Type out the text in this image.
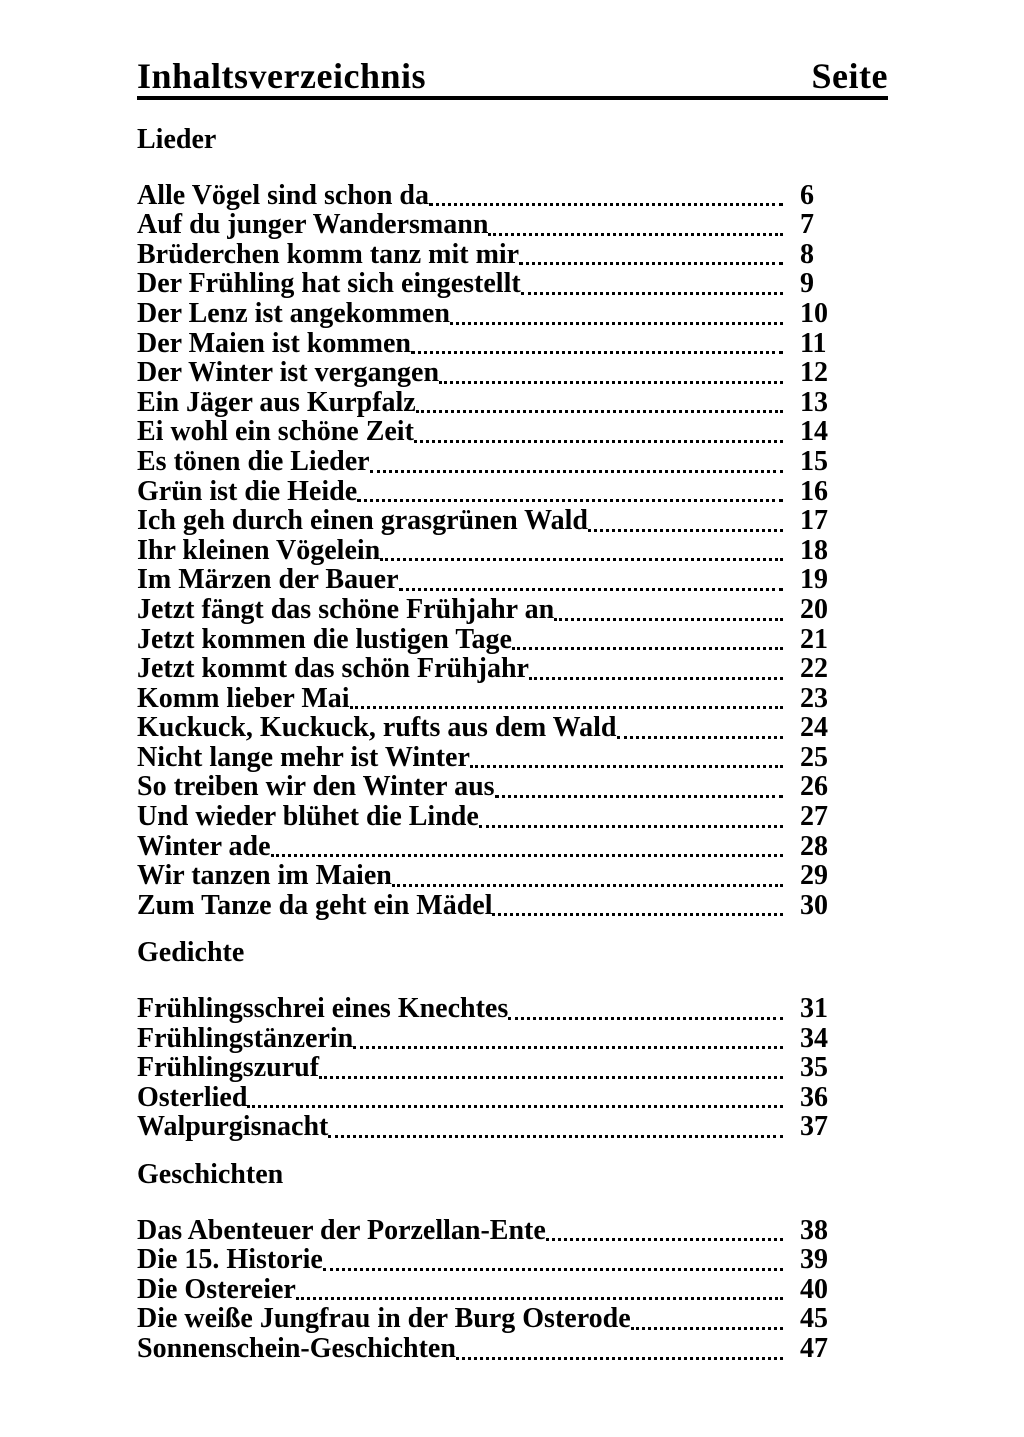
Inhaltsverzeichnis	Seite
Lieder
Alle Vögel sind schon da	6
Auf du junger Wandersmann	7
Brüderchen komm tanz mit mir	8
Der Frühling hat sich eingestellt	9
Der Lenz ist angekommen	10
Der Maien ist kommen	11
Der Winter ist vergangen	12
Ein Jäger aus Kurpfalz	13
Ei wohl ein schöne Zeit	14
Es tönen die Lieder	15
Grün ist die Heide	16
Ich geh durch einen grasgrünen Wald	17
Ihr kleinen Vögelein	18
Im Märzen der Bauer	19
Jetzt fängt das schöne Frühjahr an	20
Jetzt kommen die lustigen Tage	21
Jetzt kommt das schön Frühjahr	22
Komm lieber Mai	23
Kuckuck, Kuckuck, rufts aus dem Wald	24
Nicht lange mehr ist Winter	25
So treiben wir den Winter aus	26
Und wieder blühet die Linde	27
Winter ade	28
Wir tanzen im Maien	29
Zum Tanze da geht ein Mädel	30
Gedichte
Frühlingsschrei eines Knechtes	31
Frühlingstänzerin	34
Frühlingszuruf	35
Osterlied	36
Walpurgisnacht	37
Geschichten
Das Abenteuer der Porzellan-Ente	38
Die 15. Historie	39
Die Ostereier	40
Die weiße Jungfrau in der Burg Osterode	45
Sonnenschein-Geschichten	47
